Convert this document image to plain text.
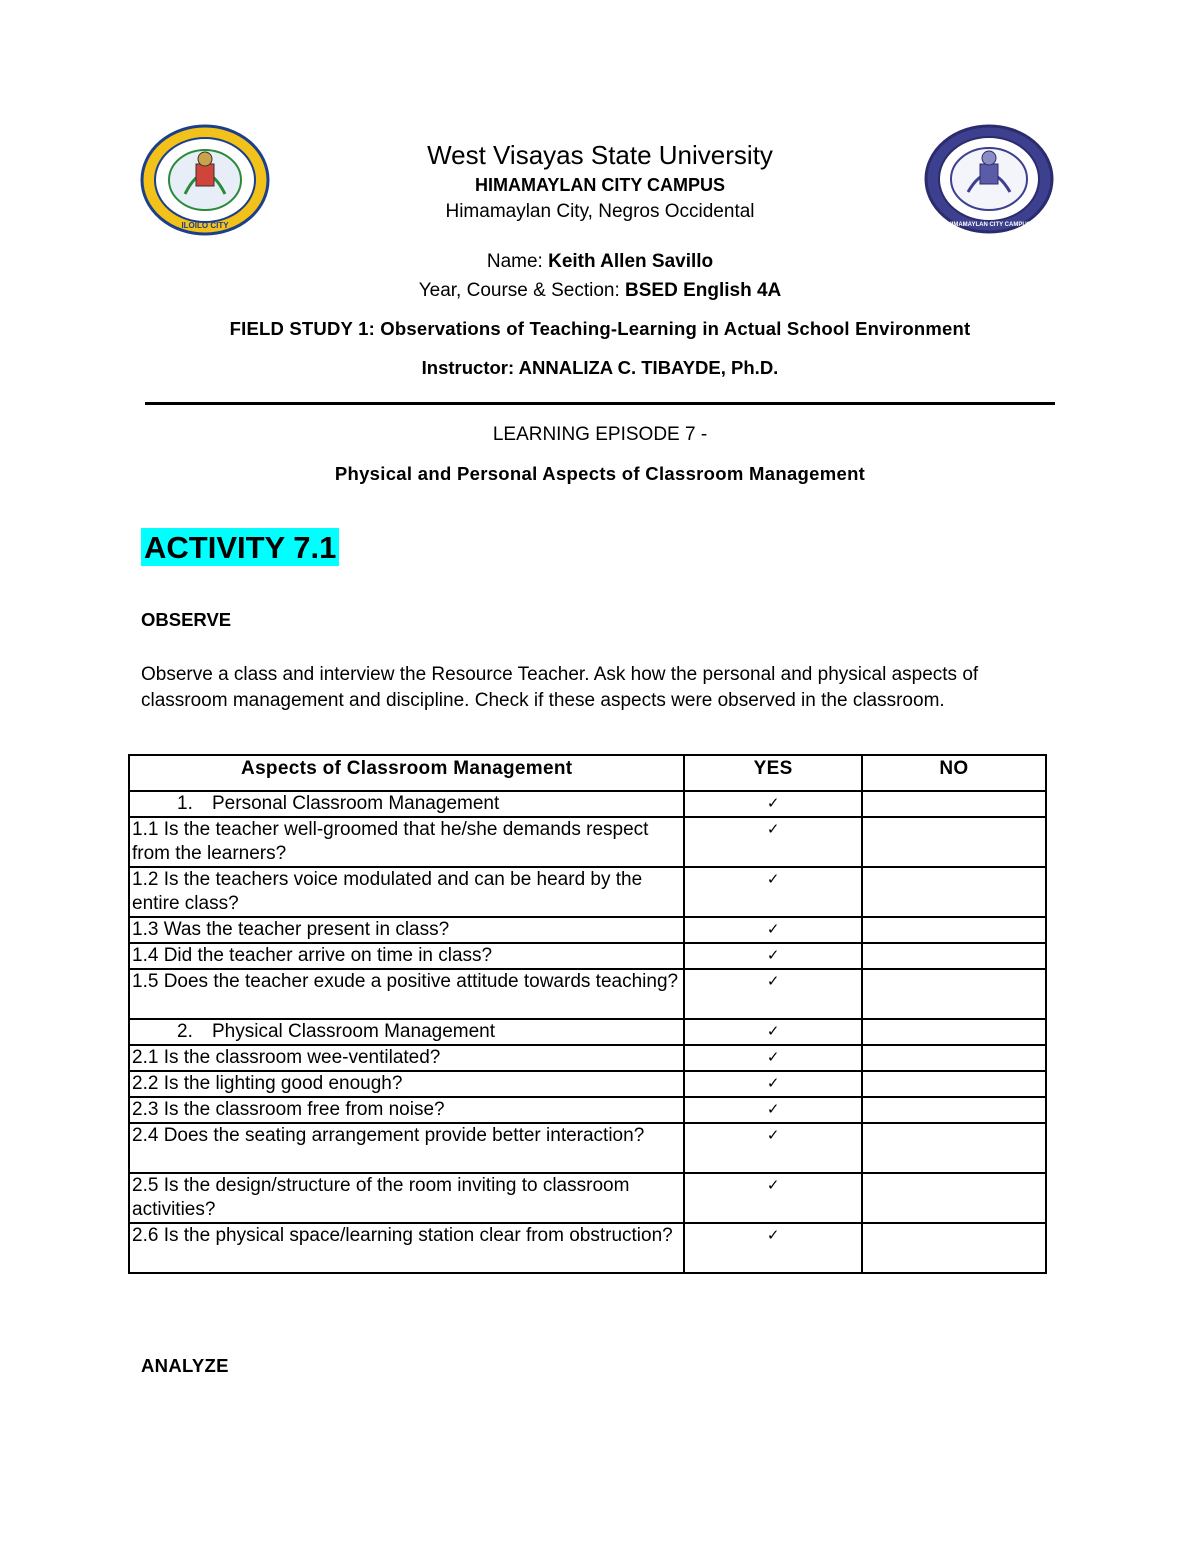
ILOILO CITY	HIMAMAYLAN CITY CAMPUS
West Visayas State University
HIMAMAYLAN CITY CAMPUS
Himamaylan City, Negros Occidental
Name: Keith Allen Savillo
Year, Course & Section: BSED English 4A
FIELD STUDY 1: Observations of Teaching-Learning in Actual School Environment
Instructor: ANNALIZA C. TIBAYDE, Ph.D.
LEARNING EPISODE 7 -
Physical and Personal Aspects of Classroom Management
ACTIVITY 7.1
OBSERVE
Observe a class and interview the Resource Teacher. Ask how the personal and physical aspects of classroom management and discipline. Check if these aspects were observed in the classroom.
Aspects of Classroom Management	YES	NO
1. Personal Classroom Management	✓	
1.1 Is the teacher well-groomed that he/she demands respect from the learners?	✓	
1.2 Is the teachers voice modulated and can be heard by the entire class?	✓	
1.3 Was the teacher present in class?	✓	
1.4 Did the teacher arrive on time in class?	✓	
1.5 Does the teacher exude a positive attitude towards teaching?	✓	
2. Physical Classroom Management	✓	
2.1 Is the classroom wee-ventilated?	✓	
2.2 Is the lighting good enough?	✓	
2.3 Is the classroom free from noise?	✓	
2.4 Does the seating arrangement provide better interaction?	✓	
2.5 Is the design/structure of the room inviting to classroom activities?	✓	
2.6 Is the physical space/learning station clear from obstruction?	✓	
ANALYZE
